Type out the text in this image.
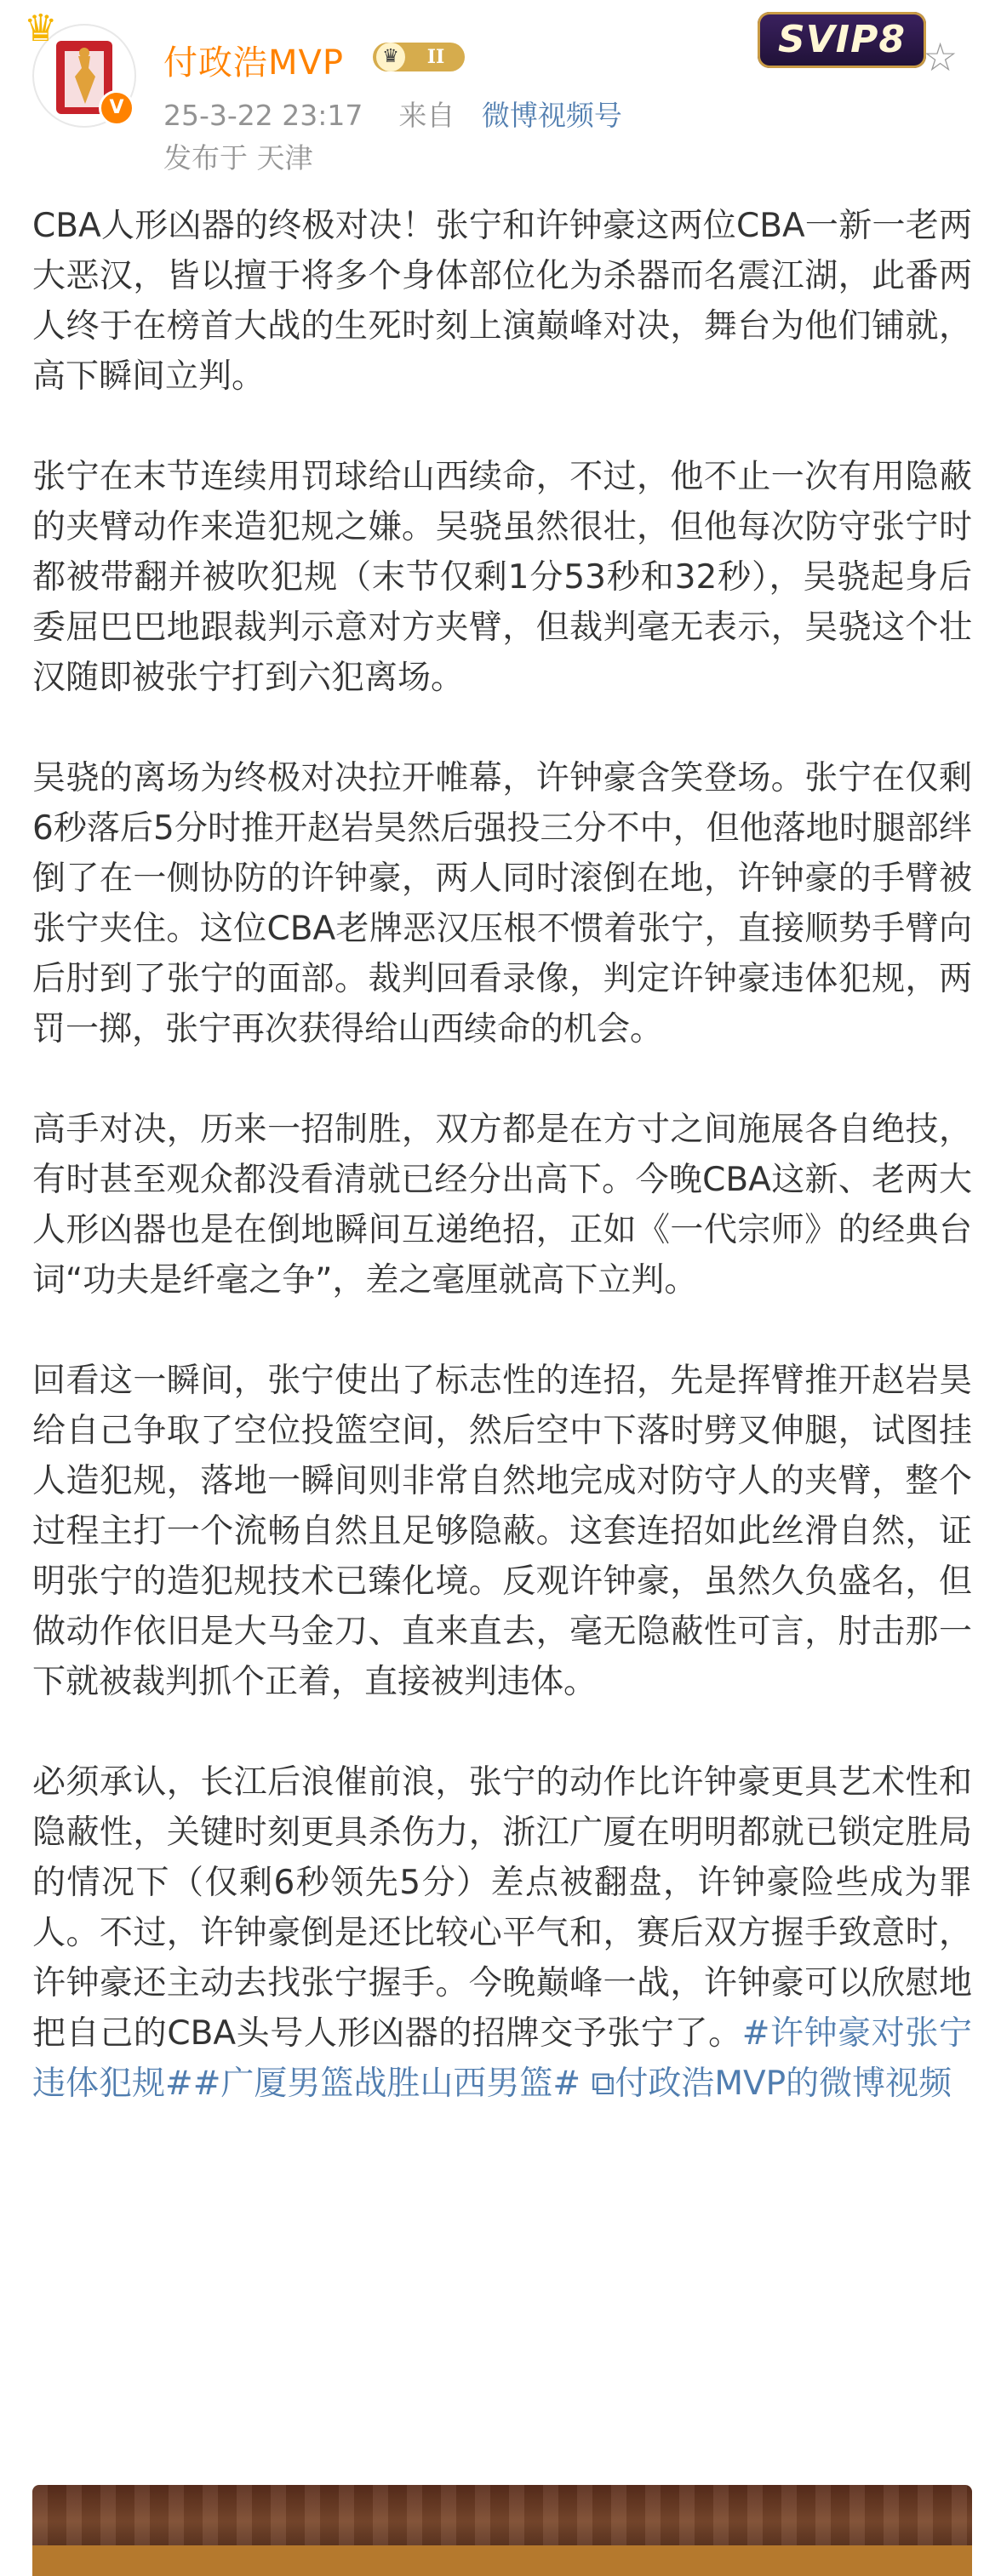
♛
V
付政浩MVP	♛	II
25-3-22 23:17 来自 微博视频号
发布于 天津
SVIP8 ☆

CBA人形凶器的终极对决！张宁和许钟豪这两位CBA一新一老两大恶汉，皆以擅于将多个身体部位化为杀器而名震江湖，此番两人终于在榜首大战的生死时刻上演巅峰对决，舞台为他们铺就，高下瞬间立判。

张宁在末节连续用罚球给山西续命，不过，他不止一次有用隐蔽的夹臂动作来造犯规之嫌。吴骁虽然很壮，但他每次防守张宁时都被带翻并被吹犯规（末节仅剩1分53秒和32秒），吴骁起身后委屈巴巴地跟裁判示意对方夹臂，但裁判毫无表示，吴骁这个壮汉随即被张宁打到六犯离场。

吴骁的离场为终极对决拉开帷幕，许钟豪含笑登场。张宁在仅剩6秒落后5分时推开赵岩昊然后强投三分不中，但他落地时腿部绊倒了在一侧协防的许钟豪，两人同时滚倒在地，许钟豪的手臂被张宁夹住。这位CBA老牌恶汉压根不惯着张宁，直接顺势手臂向后肘到了张宁的面部。裁判回看录像，判定许钟豪违体犯规，两罚一掷，张宁再次获得给山西续命的机会。

高手对决，历来一招制胜，双方都是在方寸之间施展各自绝技，有时甚至观众都没看清就已经分出高下。今晚CBA这新、老两大人形凶器也是在倒地瞬间互递绝招，正如《一代宗师》的经典台词“功夫是纤毫之争”，差之毫厘就高下立判。

回看这一瞬间，张宁使出了标志性的连招，先是挥臂推开赵岩昊给自己争取了空位投篮空间，然后空中下落时劈叉伸腿，试图挂人造犯规，落地一瞬间则非常自然地完成对防守人的夹臂，整个过程主打一个流畅自然且足够隐蔽。这套连招如此丝滑自然，证明张宁的造犯规技术已臻化境。反观许钟豪，虽然久负盛名，但做动作依旧是大马金刀、直来直去，毫无隐蔽性可言，肘击那一下就被裁判抓个正着，直接被判违体。

必须承认，长江后浪催前浪，张宁的动作比许钟豪更具艺术性和隐蔽性，关键时刻更具杀伤力，浙江广厦在明明都就已锁定胜局的情况下（仅剩6秒领先5分）差点被翻盘，许钟豪险些成为罪人。不过，许钟豪倒是还比较心平气和，赛后双方握手致意时，许钟豪还主动去找张宁握手。今晚巅峰一战，许钟豪可以欣慰地把自己的CBA头号人形凶器的招牌交予张宁了。#许钟豪对张宁违体犯规##广厦男篮战胜山西男篮# ⧉付政浩MVP的微博视频
